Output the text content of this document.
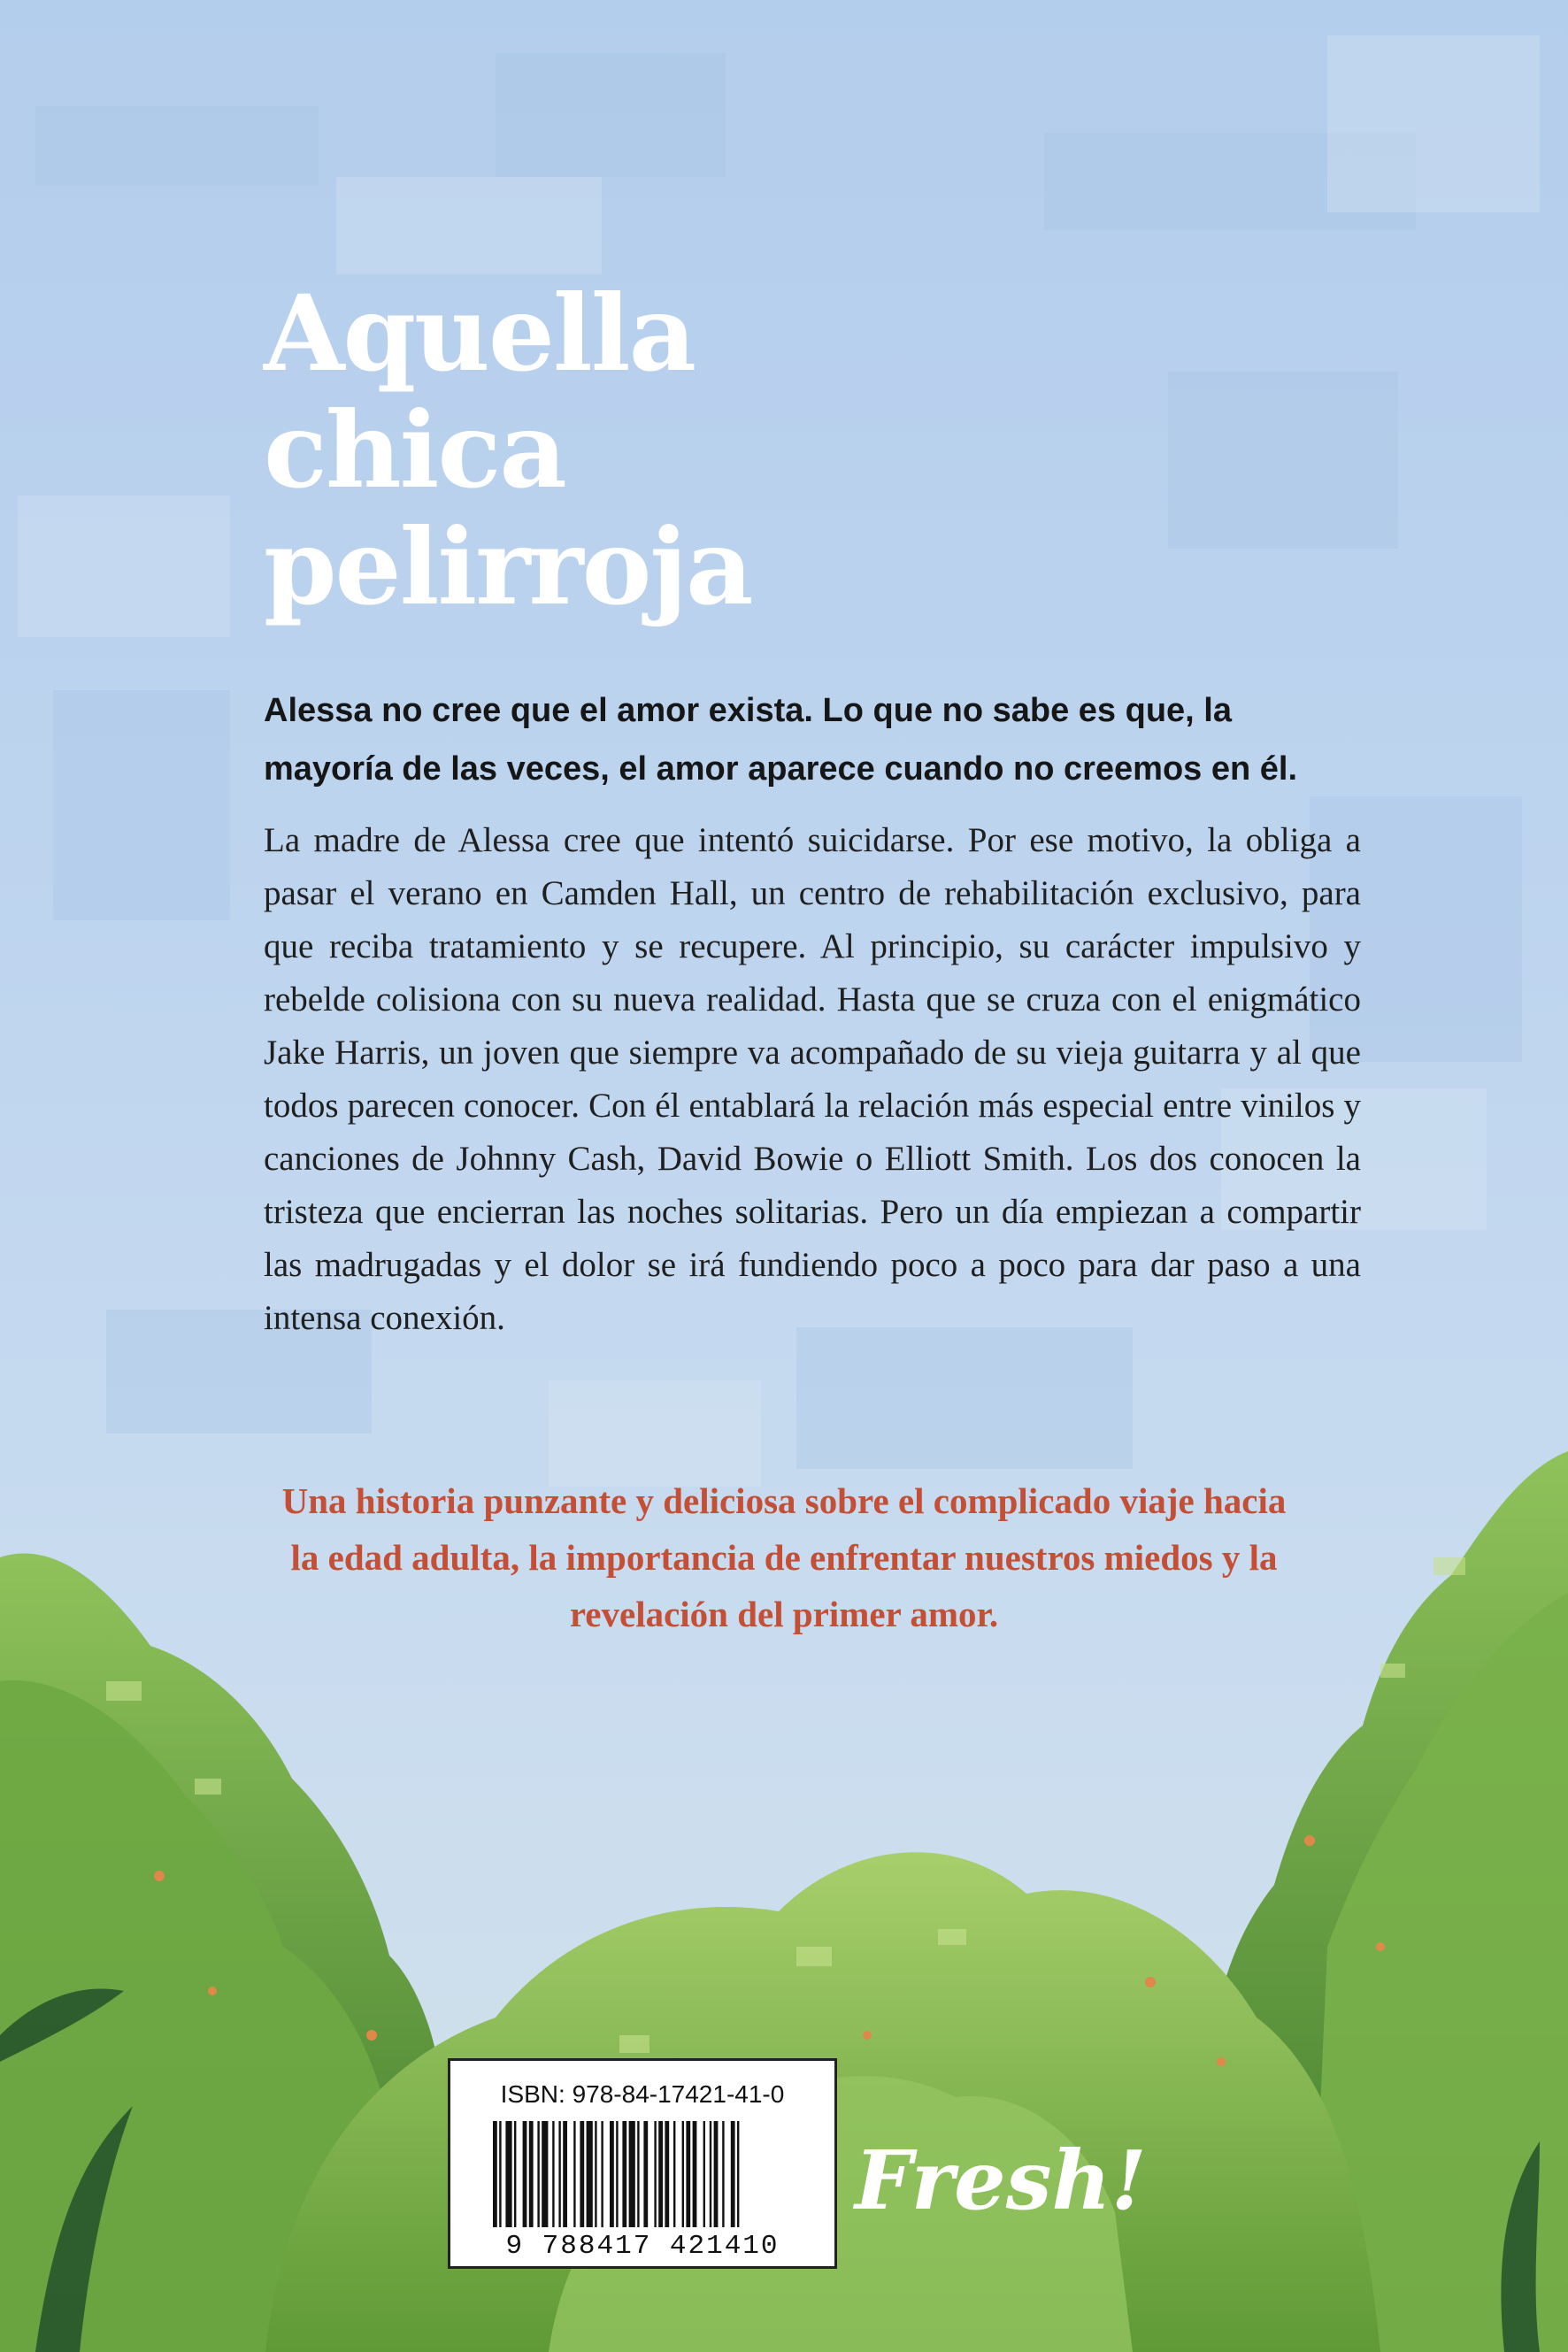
Aquella
chica
pelirroja

Alessa no cree que el amor exista. Lo que no sabe es que, la mayoría de las veces, el amor aparece cuando no creemos en él.

La madre de Alessa cree que intentó suicidarse. Por ese motivo, la obliga a pasar el verano en Camden Hall, un centro de rehabilitación exclusivo, para que reciba tratamiento y se recupere. Al principio, su carácter impulsivo y rebelde colisiona con su nueva realidad. Hasta que se cruza con el enigmático Jake Harris, un joven que siempre va acompañado de su vieja guitarra y al que todos parecen conocer. Con él entablará la relación más especial entre vinilos y canciones de Johnny Cash, David Bowie o Elliott Smith. Los dos conocen la tristeza que encierran las noches solitarias. Pero un día empiezan a compartir las madrugadas y el dolor se irá fundiendo poco a poco para dar paso a una intensa conexión.

Una historia punzante y deliciosa sobre el complicado viaje hacia la edad adulta, la importancia de enfrentar nuestros miedos y la revelación del primer amor.

ISBN: 978-84-17421-41-0
9 788417 421410
Fresh!
